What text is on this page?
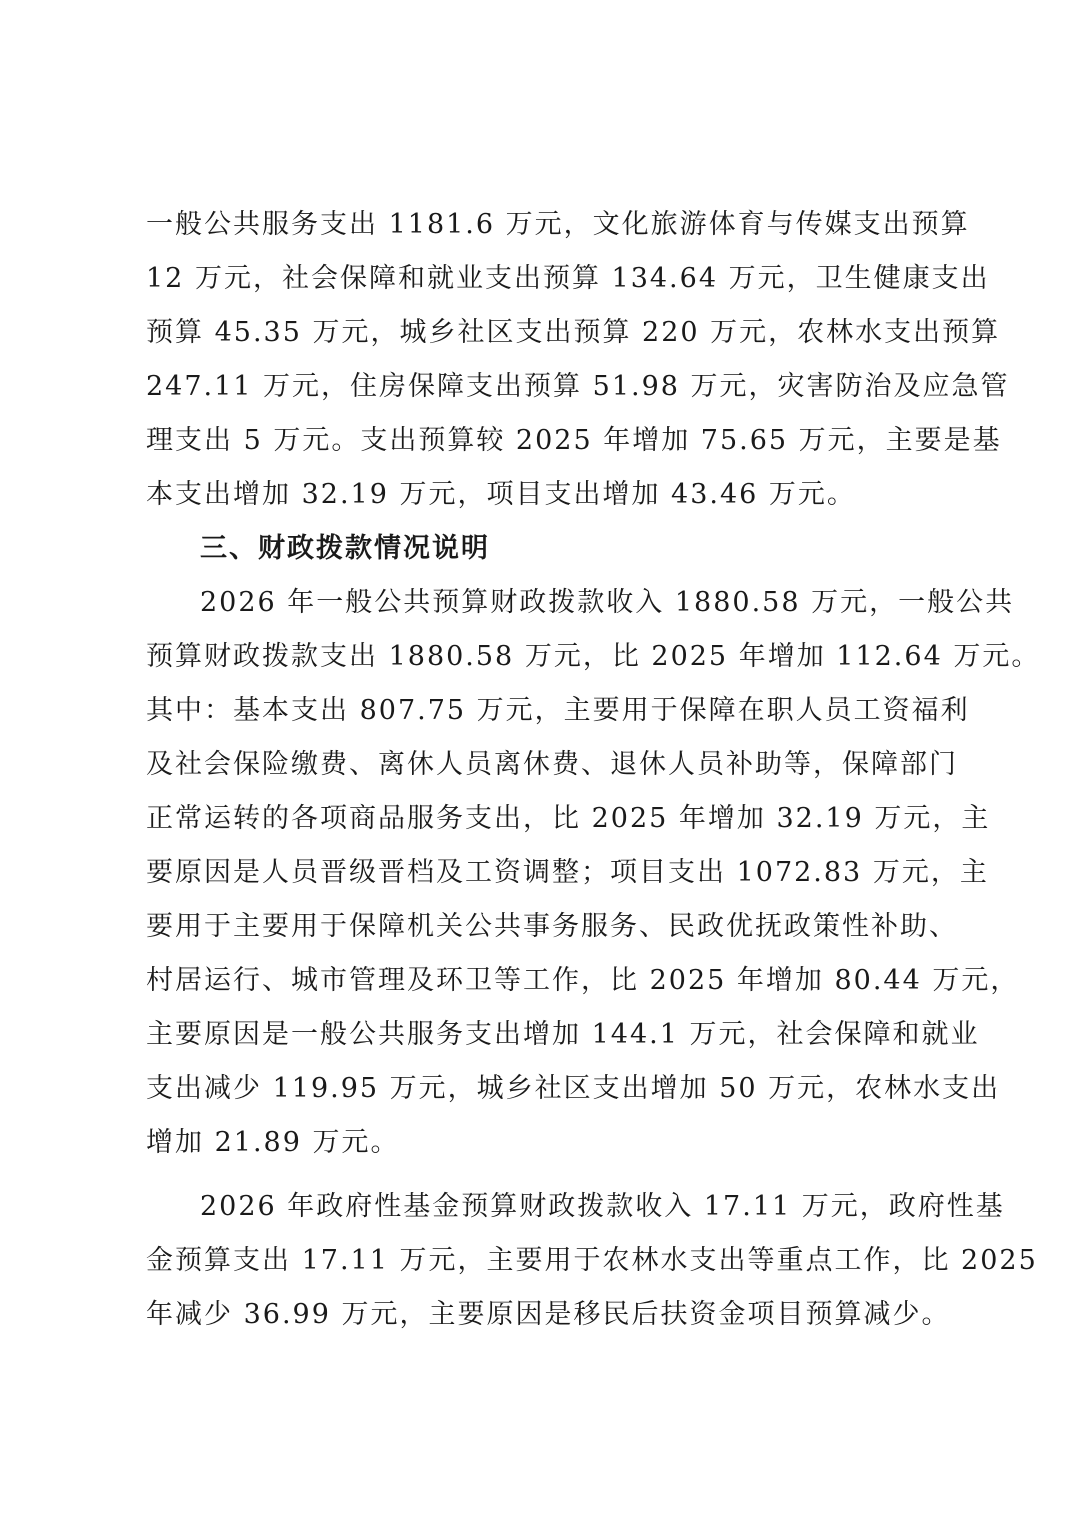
一般公共服务支出 1181.6 万元，文化旅游体育与传媒支出预算
12 万元，社会保障和就业支出预算 134.64 万元，卫生健康支出
预算 45.35 万元，城乡社区支出预算 220 万元，农林水支出预算
247.11 万元，住房保障支出预算 51.98 万元，灾害防治及应急管
理支出 5 万元。支出预算较 2025 年增加 75.65 万元，主要是基
本支出增加 32.19 万元，项目支出增加 43.46 万元。
三、财政拨款情况说明
2026 年一般公共预算财政拨款收入 1880.58 万元，一般公共
预算财政拨款支出 1880.58 万元，比 2025 年增加 112.64 万元。
其中：基本支出 807.75 万元，主要用于保障在职人员工资福利
及社会保险缴费、离休人员离休费、退休人员补助等，保障部门
正常运转的各项商品服务支出，比 2025 年增加 32.19 万元，主
要原因是人员晋级晋档及工资调整；项目支出 1072.83 万元，主
要用于主要用于保障机关公共事务服务、民政优抚政策性补助、
村居运行、城市管理及环卫等工作，比 2025 年增加 80.44 万元，
主要原因是一般公共服务支出增加 144.1 万元，社会保障和就业
支出减少 119.95 万元，城乡社区支出增加 50 万元，农林水支出
增加 21.89 万元。
2026 年政府性基金预算财政拨款收入 17.11 万元，政府性基
金预算支出 17.11 万元，主要用于农林水支出等重点工作，比 2025
年减少 36.99 万元，主要原因是移民后扶资金项目预算减少。
